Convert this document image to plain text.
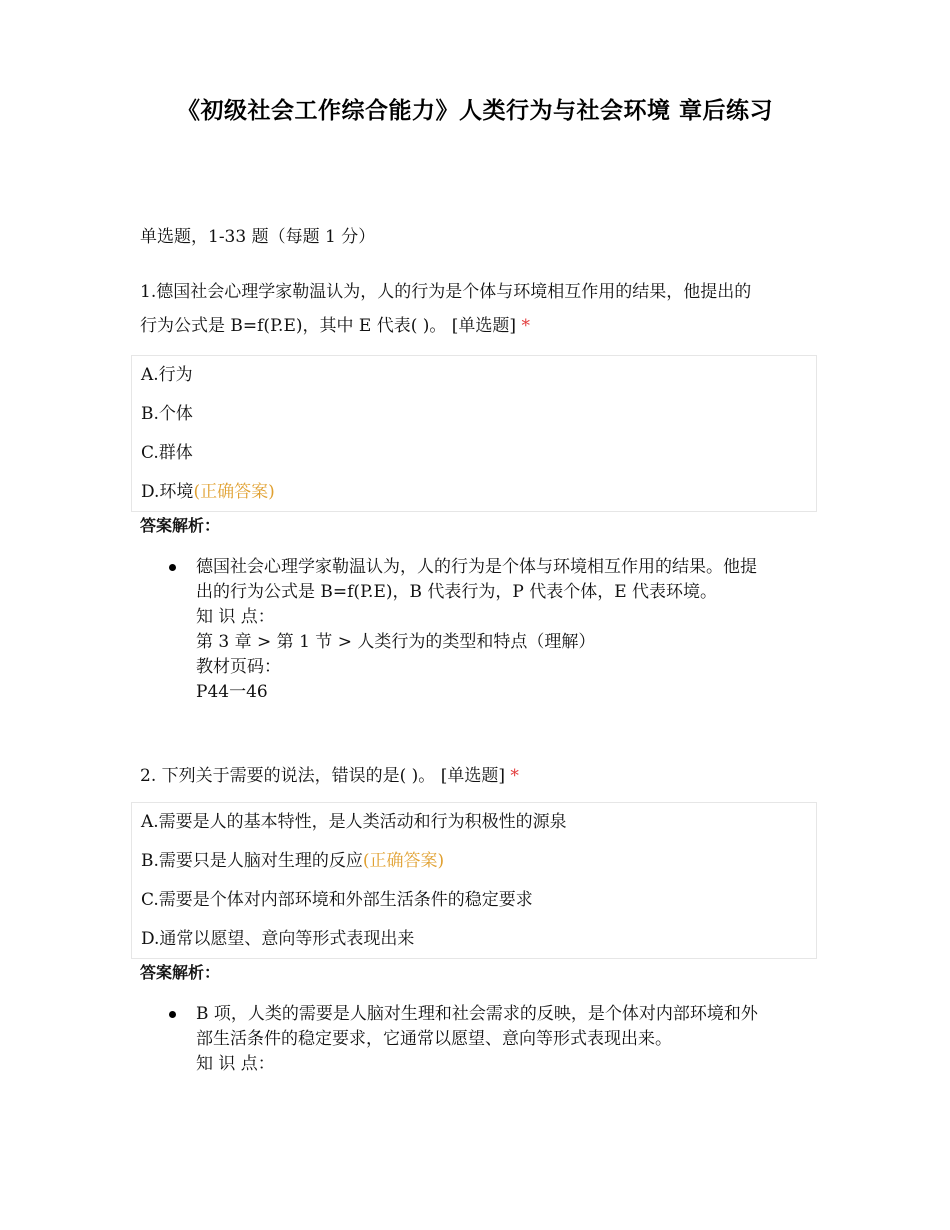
《初级社会工作综合能力》人类行为与社会环境 章后练习
单选题，1-33 题（每题 1 分）
1.德国社会心理学家勒温认为，人的行为是个体与环境相互作用的结果，他提出的
行为公式是 B=f(P.E)，其中 E 代表( )。 [单选题] *
A.行为
B.个体
C.群体
D.环境(正确答案)
答案解析：
德国社会心理学家勒温认为，人的行为是个体与环境相互作用的结果。他提
出的行为公式是 B=f(P.E)，B 代表行为，P 代表个体，E 代表环境。
知 识 点：
第 3 章 > 第 1 节 > 人类行为的类型和特点（理解）
教材页码：
P44一46
2. 下列关于需要的说法，错误的是( )。 [单选题] *
A.需要是人的基本特性，是人类活动和行为积极性的源泉
B.需要只是人脑对生理的反应(正确答案)
C.需要是个体对内部环境和外部生活条件的稳定要求
D.通常以愿望、意向等形式表现出来
答案解析：
B 项，人类的需要是人脑对生理和社会需求的反映，是个体对内部环境和外
部生活条件的稳定要求，它通常以愿望、意向等形式表现出来。
知 识 点：
